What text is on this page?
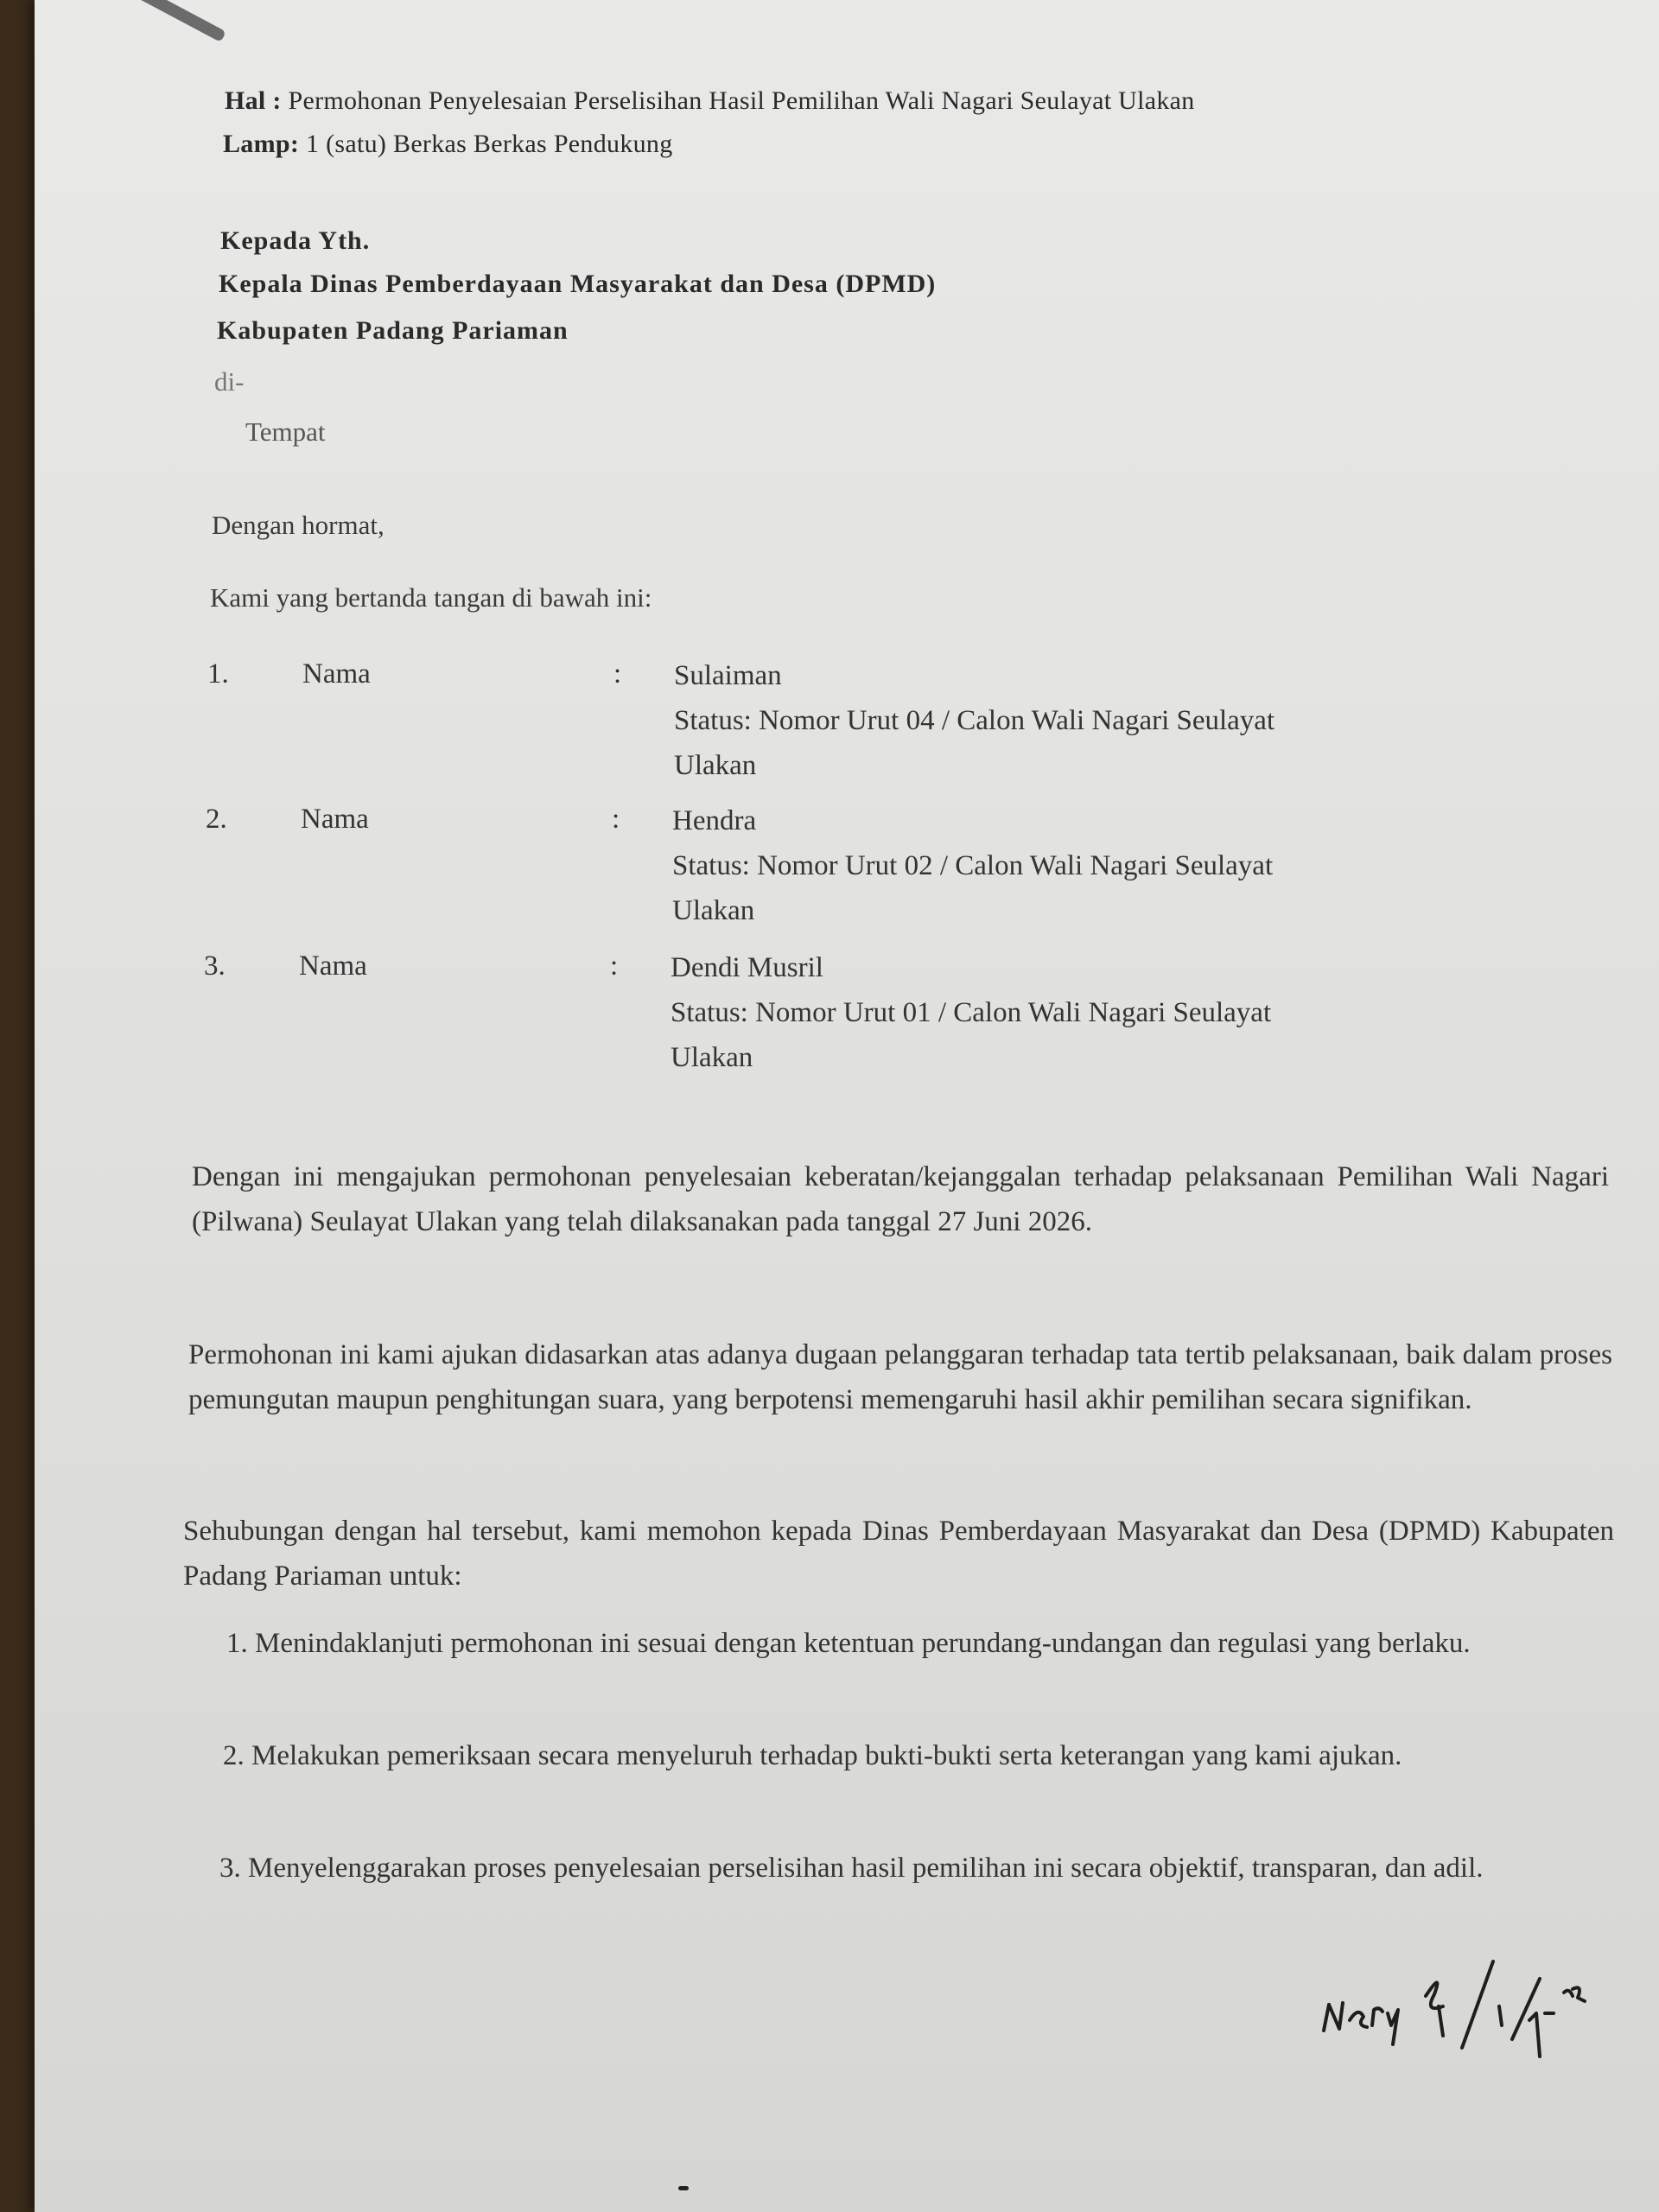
Hal : Permohonan Penyelesaian Perselisihan Hasil Pemilihan Wali Nagari Seulayat Ulakan
Lamp: 1 (satu) Berkas Berkas Pendukung
Kepada Yth.
Kepala Dinas Pemberdayaan Masyarakat dan Desa (DPMD)
Kabupaten Padang Pariaman
di-
Tempat
Dengan hormat,
Kami yang bertanda tangan di bawah ini:
1.	Nama	: Sulaiman
Status: Nomor Urut 04 / Calon Wali Nagari Seulayat
Ulakan
2.	Nama	: Hendra
Status: Nomor Urut 02 / Calon Wali Nagari Seulayat
Ulakan
3.	Nama	: Dendi Musril
Status: Nomor Urut 01 / Calon Wali Nagari Seulayat
Ulakan
Dengan ini mengajukan permohonan penyelesaian keberatan/kejanggalan terhadap pelaksanaan Pemilihan Wali Nagari (Pilwana) Seulayat Ulakan yang telah dilaksanakan pada tanggal 27 Juni 2026.
Permohonan ini kami ajukan didasarkan atas adanya dugaan pelanggaran terhadap tata tertib pelaksanaan, baik dalam proses pemungutan maupun penghitungan suara, yang berpotensi memengaruhi hasil akhir pemilihan secara signifikan.
Sehubungan dengan hal tersebut, kami memohon kepada Dinas Pemberdayaan Masyarakat dan Desa (DPMD) Kabupaten Padang Pariaman untuk:
1. Menindaklanjuti permohonan ini sesuai dengan ketentuan perundang-undangan dan regulasi yang berlaku.
2. Melakukan pemeriksaan secara menyeluruh terhadap bukti-bukti serta keterangan yang kami ajukan.
3. Menyelenggarakan proses penyelesaian perselisihan hasil pemilihan ini secara objektif, transparan, dan adil.
